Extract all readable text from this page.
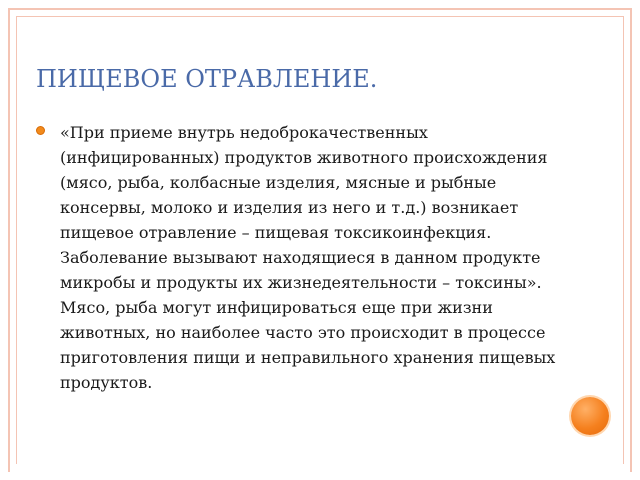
ПИЩЕВОЕ ОТРАВЛЕНИЕ.

«При приеме внутрь недоброкачественных (инфицированных) продуктов животного происхождения (мясо, рыба, колбасные изделия, мясные и рыбные консервы, молоко и изделия из него и т.д.) возникает пищевое отравление – пищевая токсикоинфекция. Заболевание вызывают находящиеся в данном продукте микробы и продукты их жизнедеятельности – токсины». Мясо, рыба могут инфицироваться еще при жизни животных, но наиболее часто это происходит в процессе приготовления пищи и неправильного хранения пищевых продуктов.
